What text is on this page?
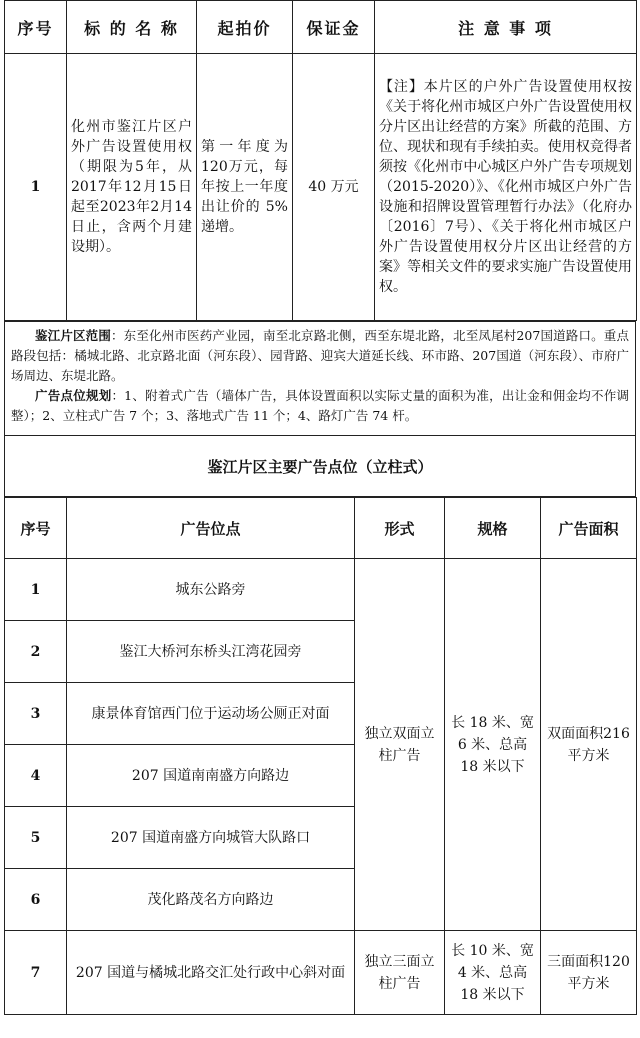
序号	标 的 名 称	起拍价	保证金	注 意 事 项
1	化州市鉴江片区户外广告设置使用权（期限为5年，从2017年12月15日起至2023年2月14日止，含两个月建设期）。	第一年度为120万元，每年按上一年度出让价的 5%递增。	40 万元	【注】本片区的户外广告设置使用权按《关于将化州市城区户外广告设置使用权分片区出让经营的方案》所截的范围、方位、现状和现有手续拍卖。使用权竞得者须按《化州市中心城区户外广告专项规划（2015-2020）》、《化州市城区户外广告设施和招牌设置管理暂行办法》（化府办〔2016〕7号）、《关于将化州市城区户外广告设置使用权分片区出让经营的方案》等相关文件的要求实施广告设置使用权。
鉴江片区范围：东至化州市医药产业园，南至北京路北侧，西至东堤北路，北至凤尾村207国道路口。重点路段包括：橘城北路、北京路北面（河东段）、园背路、迎宾大道延长线、环市路、207国道（河东段）、市府广场周边、东堤北路。
广告点位规划：1、附着式广告（墙体广告，具体设置面积以实际丈量的面积为准，出让金和佣金均不作调整）；2、立柱式广告 7 个；3、落地式广告 11 个；4、路灯广告 74 杆。
鉴江片区主要广告点位（立柱式）
序号	广告位点	形式	规格	广告面积
1	城东公路旁	独立双面立柱广告	长 18 米、宽 6 米、总高 18 米以下	双面面积216 平方米
2	鉴江大桥河东桥头江湾花园旁			
3	康景体育馆西门位于运动场公厕正对面			
4	207 国道南南盛方向路边			
5	207 国道南盛方向城管大队路口			
6	茂化路茂名方向路边			
7	207 国道与橘城北路交汇处行政中心斜对面	独立三面立柱广告	长 10 米、宽 4 米、总高 18 米以下	三面面积120 平方米
